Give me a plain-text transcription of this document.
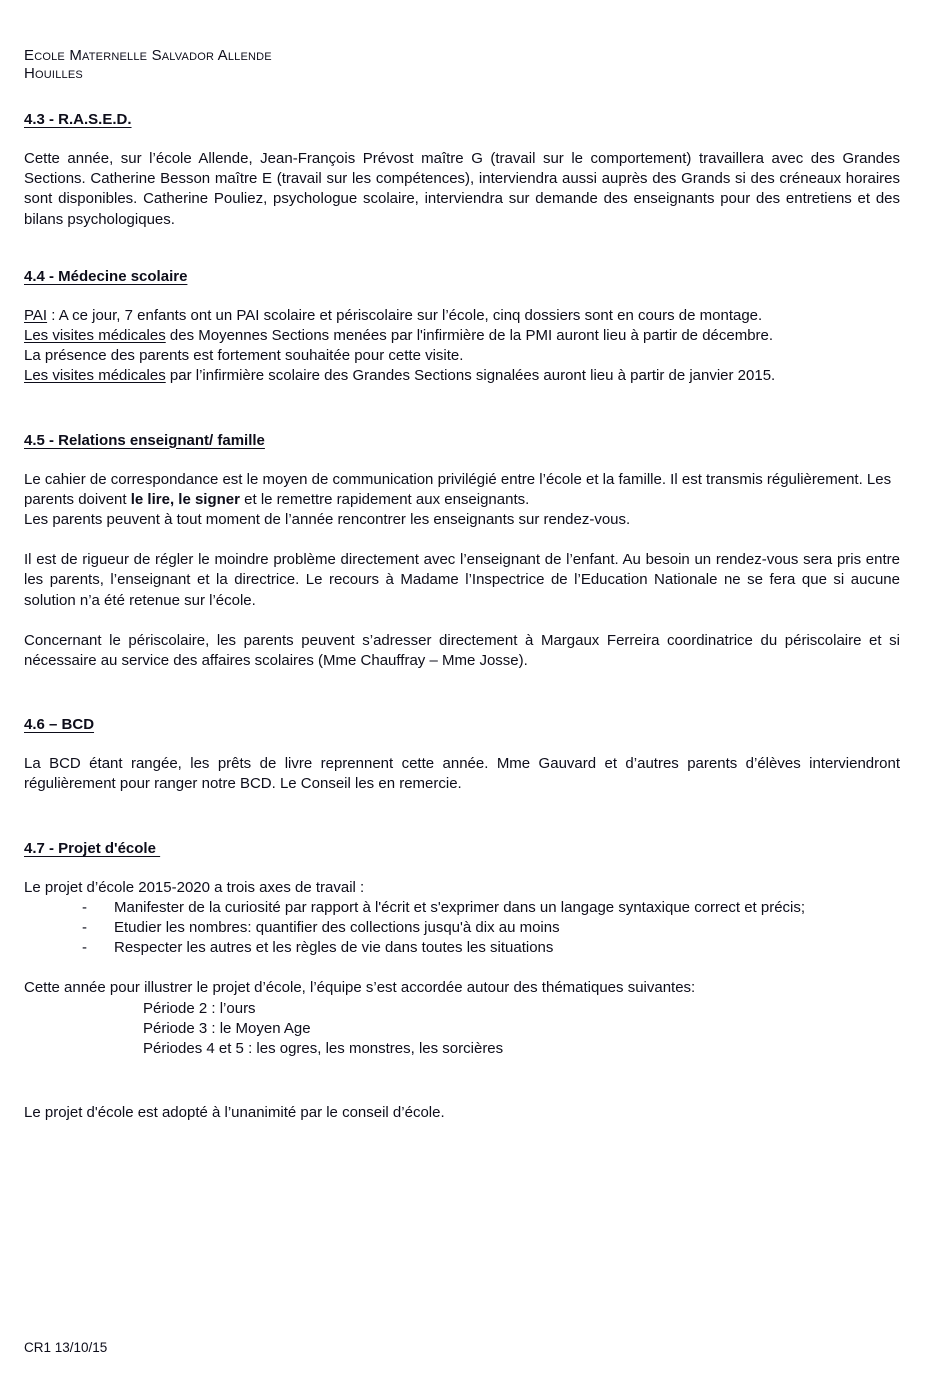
Ecole Maternelle Salvador Allende
Houilles
4.3 - R.A.S.E.D.

Cette année, sur l’école Allende, Jean-François Prévost maître G (travail sur le comportement) travaillera avec des Grandes Sections. Catherine Besson maître E (travail sur les compétences), interviendra aussi auprès des Grands si des créneaux horaires sont disponibles. Catherine Pouliez, psychologue scolaire, interviendra sur demande des enseignants pour des entretiens et des bilans psychologiques.

4.4 - Médecine scolaire

PAI : A ce jour, 7 enfants ont un PAI scolaire et périscolaire sur l’école, cinq dossiers sont en cours de montage.

Les visites médicales des Moyennes Sections menées par l'infirmière de la PMI auront lieu à partir de décembre.

La présence des parents est fortement souhaitée pour cette visite.

Les visites médicales par l’infirmière scolaire des Grandes Sections signalées auront lieu à partir de janvier 2015.

4.5 - Relations enseignant/ famille

Le cahier de correspondance est le moyen de communication privilégié entre l’école et la famille. Il est transmis régulièrement. Les parents doivent le lire, le signer et le remettre rapidement aux enseignants.

Les parents peuvent à tout moment de l’année rencontrer les enseignants sur rendez-vous.

Il est de rigueur de régler le moindre problème directement avec l’enseignant de l’enfant. Au besoin un rendez-vous sera pris entre les parents, l’enseignant et la directrice. Le recours à Madame l’Inspectrice de l’Education Nationale ne se fera que si aucune solution n’a été retenue sur l’école.

Concernant le périscolaire, les parents peuvent s’adresser directement à Margaux Ferreira coordinatrice du périscolaire et si nécessaire au service des affaires scolaires (Mme Chauffray – Mme Josse).

4.6 – BCD

La BCD étant rangée, les prêts de livre reprennent cette année. Mme Gauvard et d’autres parents d’élèves interviendront régulièrement pour ranger notre BCD. Le Conseil les en remercie.

4.7 - Projet d'école

Le projet d’école 2015-2020 a trois axes de travail :

- Manifester de la curiosité par rapport à l'écrit et s'exprimer dans un langage syntaxique correct et précis;
- Etudier les nombres: quantifier des collections jusqu'à dix au moins
- Respecter les autres et les règles de vie dans toutes les situations

Cette année pour illustrer le projet d’école, l’équipe s’est accordée autour des thématiques suivantes:

Période 2 : l’ours
Période 3 : le Moyen Age
Périodes 4 et 5 : les ogres, les monstres, les sorcières

Le projet d'école est adopté à l’unanimité par le conseil d’école.

CR1 13/10/15
